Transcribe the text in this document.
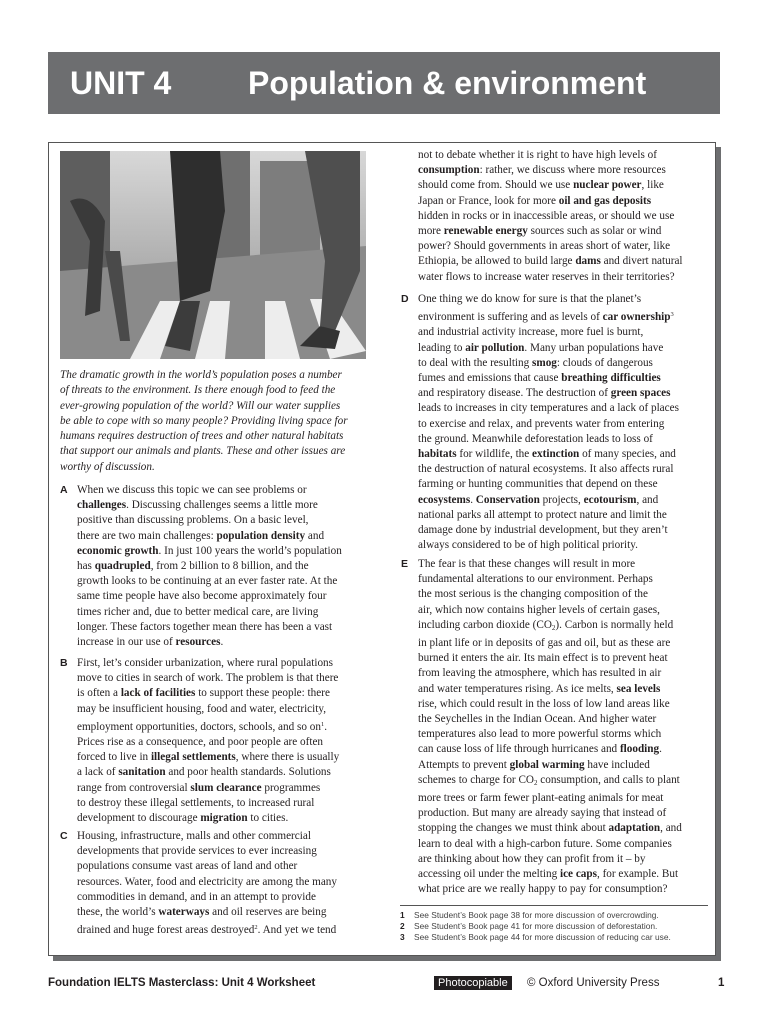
UNIT 4 Population & environment

The dramatic growth in the world’s population poses a number

of threats to the environment. Is there enough food to feed the

ever-growing population of the world? Will our water supplies

be able to cope with so many people? Providing living space for

humans requires destruction of trees and other natural habitats

that support our animals and plants. These and other issues are

worthy of discussion.

A When we discuss this topic we can see problems or
challenges. Discussing challenges seems a little more
positive than discussing problems. On a basic level,
there are two main challenges: population density and
economic growth. In just 100 years the world’s population
has quadrupled, from 2 billion to 8 billion, and the
growth looks to be continuing at an ever faster rate. At the
same time people have also become approximately four
times richer and, due to better medical care, are living
longer. These factors together mean there has been a vast
increase in our use of resources.
B First, let’s consider urbanization, where rural populations
move to cities in search of work. The problem is that there
is often a lack of facilities to support these people: there
may be insufficient housing, food and water, electricity,
employment opportunities, doctors, schools, and so $on^1$.
Prices rise as a consequence, and poor people are often
forced to live in illegal settlements, where there is usually
a lack of sanitation and poor health standards. Solutions
range from controversial slum clearance programmes
to destroy these illegal settlements, to increased rural
development to discourage migration to cities.
C Housing, infrastructure, malls and other commercial
developments that provide services to ever increasing
populations consume vast areas of land and other
resources. Water, food and electricity are among the many
commodities in demand, and in an attempt to provide
these, the world’s waterways and oil reserves are being
drained and huge forest areas destroyed$^2$. And yet we tend
not to debate whether it is right to have high levels of
consumption: rather, we discuss where more resources
should come from. Should we use nuclear power, like
Japan or France, look for more oil and gas deposits
hidden in rocks or in inaccessible areas, or should we use
more renewable energy sources such as solar or wind
power? Should governments in areas short of water, like
Ethiopia, be allowed to build large dams and divert natural
water flows to increase water reserves in their territories?
D One thing we do know for sure is that the planet’s
environment is suffering and as levels of car ownership$^3$
and industrial activity increase, more fuel is burnt,
leading to air pollution. Many urban populations have
to deal with the resulting smog: clouds of dangerous
fumes and emissions that cause breathing difficulties
and respiratory disease. The destruction of green spaces
leads to increases in city temperatures and a lack of places
to exercise and relax, and prevents water from entering
the ground. Meanwhile deforestation leads to loss of
habitats for wildlife, the extinction of many species, and
the destruction of natural ecosystems. It also affects rural
farming or hunting communities that depend on these
ecosystems. Conservation projects, ecotourism, and
national parks all attempt to protect nature and limit the
damage done by industrial development, but they aren’t
always considered to be of high political priority.
E The fear is that these changes will result in more
fundamental alterations to our environment. Perhaps
the most serious is the changing composition of the
air, which now contains higher levels of certain gases,
including carbon dioxide $(CO_2)$. Carbon is normally held
in plant life or in deposits of gas and oil, but as these are
burned it enters the air. Its main effect is to prevent heat
from leaving the atmosphere, which has resulted in air
and water temperatures rising. As ice melts, sea levels
rise, which could result in the loss of low land areas like
the Seychelles in the Indian Ocean. And higher water
temperatures also lead to more powerful storms which
can cause loss of life through hurricanes and flooding.
Attempts to prevent global warming have included
schemes to charge for $CO_2$ consumption, and calls to plant
more trees or farm fewer plant-eating animals for meat
production. But many are already saying that instead of
stopping the changes we must think about adaptation, and
learn to deal with a high-carbon future. Some companies
are thinking about how they can profit from it – by
accessing oil under the melting ice caps, for example. But
what price are we really happy to pay for consumption?
1 See Student’s Book page 38 for more discussion of overcrowding.
2 See Student’s Book page 41 for more discussion of deforestation.
3 See Student’s Book page 44 for more discussion of reducing car use.
Foundation IELTS Masterclass: Unit 4 Worksheet	Photocopiable	© Oxford University Press	1
